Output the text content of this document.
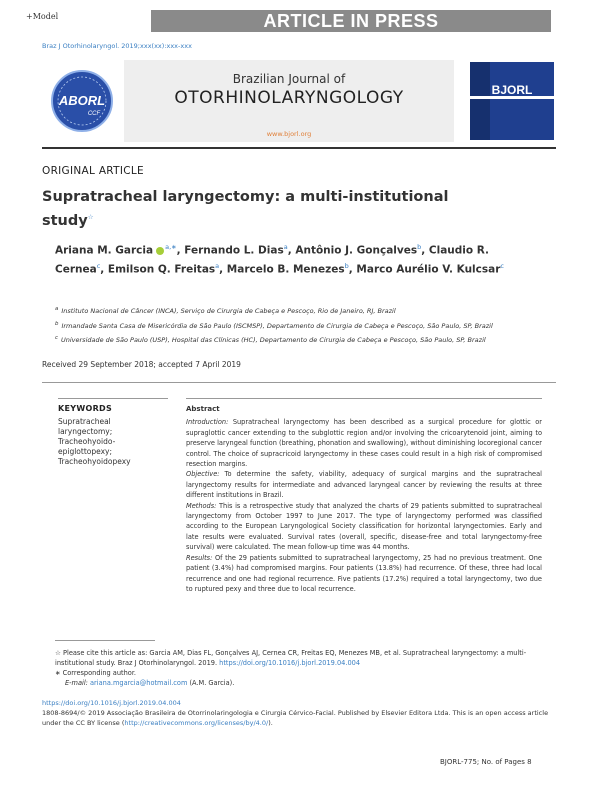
+Model	ARTICLE IN PRESS
Braz J Otorhinolaryngol. 2019;xxx(xx):xxx-xxx
ABORL
CCF
Brazilian Journal of
OTORHINOLARYNGOLOGY
www.bjorl.org
BJORL
ORIGINAL ARTICLE
Supratracheal laryngectomy: a multi-institutional study☆
Ariana M. Garcia $^{a,∗}$, Fernando L. Dias$^a$, Antônio J. Gonçalves$^b$, Claudio R. Cernea$^c$, Emilson Q. Freitas$^a$, Marcelo B. Menezes$^b$, Marco Aurélio V. Kulcsar$^c$
$^a$ Instituto Nacional de Câncer (INCA), Serviço de Cirurgia de Cabeça e Pescoço, Rio de Janeiro, RJ, Brazil
$^b$ Irmandade Santa Casa de Misericórdia de São Paulo (ISCMSP), Departamento de Cirurgia de Cabeça e Pescoço, São Paulo, SP, Brazil
$^c$ Universidade de São Paulo (USP), Hospital das Clínicas (HC), Departamento de Cirurgia de Cabeça e Pescoço, São Paulo, SP, Brazil
Received 29 September 2018; accepted 7 April 2019
KEYWORDS
Supratracheal
laryngectomy;
Tracheohyoido-
epiglottopexy;
Tracheohyoidopexy
Abstract
Introduction: Supratracheal laryngectomy has been described as a surgical procedure for glottic or supraglottic cancer extending to the subglottic region and/or involving the cricoarytenoid joint, aiming to preserve laryngeal function (breathing, phonation and swallowing), without diminishing locoregional cancer control. The choice of supracricoid laryngectomy in these cases could result in a high risk of compromised resection margins.
Objective: To determine the safety, viability, adequacy of surgical margins and the supratracheal laryngectomy results for intermediate and advanced laryngeal cancer by reviewing the results at three different institutions in Brazil.
Methods: This is a retrospective study that analyzed the charts of 29 patients submitted to supratracheal laryngectomy from October 1997 to June 2017. The type of laryngectomy performed was classified according to the European Laryngological Society classification for horizontal laryngectomies. Early and late results were evaluated. Survival rates (overall, specific, disease-free and total laryngectomy-free survival) were calculated. The mean follow-up time was 44 months.
Results: Of the 29 patients submitted to supratracheal laryngectomy, 25 had no previous treatment. One patient (3.4%) had compromised margins. Four patients (13.8%) had recurrence. Of these, three had local recurrence and one had regional recurrence. Five patients (17.2%) required a total laryngectomy, two due to ruptured pexy and three due to local recurrence.
☆ Please cite this article as: Garcia AM, Dias FL, Gonçalves AJ, Cernea CR, Freitas EQ, Menezes MB, et al. Supratracheal laryngectomy: a multi-institutional study. Braz J Otorhinolaryngol. 2019. https://doi.org/10.1016/j.bjorl.2019.04.004
∗ Corresponding author.
E-mail: ariana.mgarcia@hotmail.com (A.M. Garcia).
https://doi.org/10.1016/j.bjorl.2019.04.004
1808-8694/© 2019 Associação Brasileira de Otorrinolaringologia e Cirurgia Cérvico-Facial. Published by Elsevier Editora Ltda. This is an open access article under the CC BY license (http://creativecommons.org/licenses/by/4.0/).
BJORL-775; No. of Pages 8
